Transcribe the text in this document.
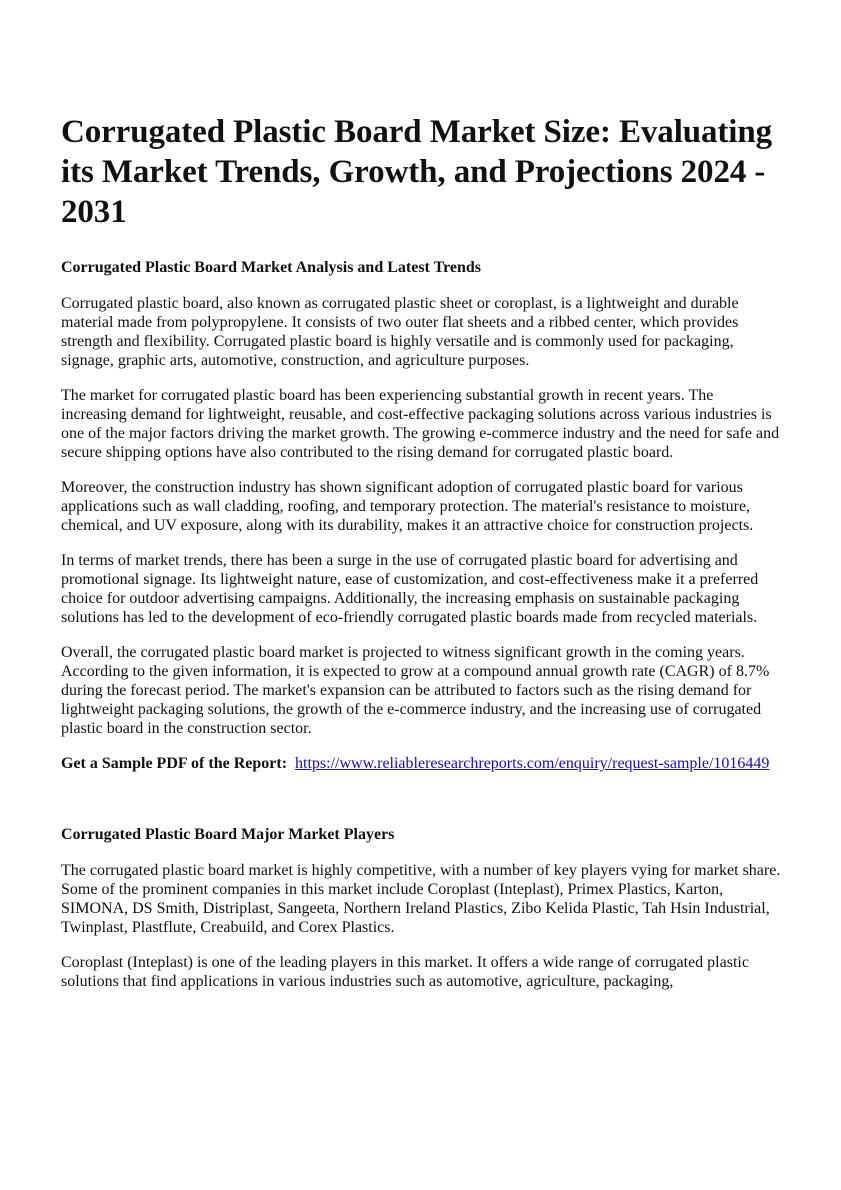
Corrugated Plastic Board Market Size: Evaluating its Market Trends, Growth, and Projections 2024 - 2031
Corrugated Plastic Board Market Analysis and Latest Trends

Corrugated plastic board, also known as corrugated plastic sheet or coroplast, is a lightweight and durable material made from polypropylene. It consists of two outer flat sheets and a ribbed center, which provides strength and flexibility. Corrugated plastic board is highly versatile and is commonly used for packaging, signage, graphic arts, automotive, construction, and agriculture purposes.

The market for corrugated plastic board has been experiencing substantial growth in recent years. The increasing demand for lightweight, reusable, and cost-effective packaging solutions across various industries is one of the major factors driving the market growth. The growing e-commerce industry and the need for safe and secure shipping options have also contributed to the rising demand for corrugated plastic board.

Moreover, the construction industry has shown significant adoption of corrugated plastic board for various applications such as wall cladding, roofing, and temporary protection. The material's resistance to moisture, chemical, and UV exposure, along with its durability, makes it an attractive choice for construction projects.

In terms of market trends, there has been a surge in the use of corrugated plastic board for advertising and promotional signage. Its lightweight nature, ease of customization, and cost-effectiveness make it a preferred choice for outdoor advertising campaigns. Additionally, the increasing emphasis on sustainable packaging solutions has led to the development of eco-friendly corrugated plastic boards made from recycled materials.

Overall, the corrugated plastic board market is projected to witness significant growth in the coming years. According to the given information, it is expected to grow at a compound annual growth rate (CAGR) of 8.7% during the forecast period. The market's expansion can be attributed to factors such as the rising demand for lightweight packaging solutions, the growth of the e-commerce industry, and the increasing use of corrugated plastic board in the construction sector.

Get a Sample PDF of the Report: https://www.reliableresearchreports.com/enquiry/request-sample/1016449
Corrugated Plastic Board Major Market Players

The corrugated plastic board market is highly competitive, with a number of key players vying for market share. Some of the prominent companies in this market include Coroplast (Inteplast), Primex Plastics, Karton, SIMONA, DS Smith, Distriplast, Sangeeta, Northern Ireland Plastics, Zibo Kelida Plastic, Tah Hsin Industrial, Twinplast, Plastflute, Creabuild, and Corex Plastics.

Coroplast (Inteplast) is one of the leading players in this market. It offers a wide range of corrugated plastic solutions that find applications in various industries such as automotive, agriculture, packaging,
